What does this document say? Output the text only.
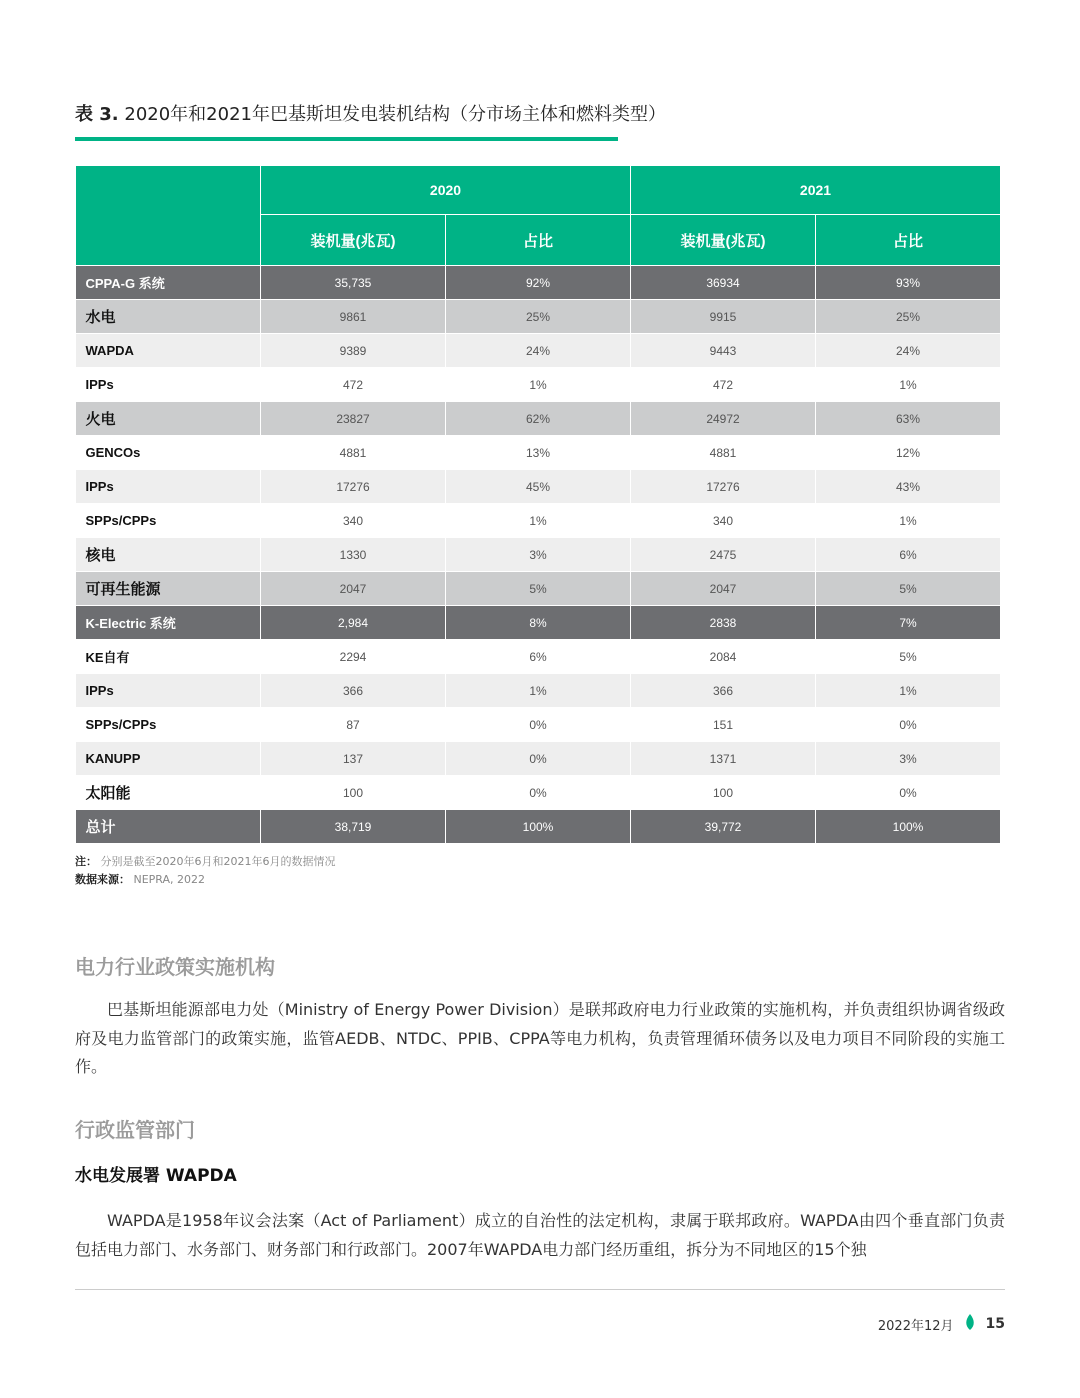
表 3. 2020年和2021年巴基斯坦发电装机结构（分市场主体和燃料类型）
	2020		2021	
	装机量(兆瓦)	占比	装机量(兆瓦)	占比
CPPA-G 系统	35,735	92%	36934	93%
水电	9861	25%	9915	25%
WAPDA	9389	24%	9443	24%
IPPs	472	1%	472	1%
火电	23827	62%	24972	63%
GENCOs	4881	13%	4881	12%
IPPs	17276	45%	17276	43%
SPPs/CPPs	340	1%	340	1%
核电	1330	3%	2475	6%
可再生能源	2047	5%	2047	5%
K-Electric 系统	2,984	8%	2838	7%
KE自有	2294	6%	2084	5%
IPPs	366	1%	366	1%
SPPs/CPPs	87	0%	151	0%
KANUPP	137	0%	1371	3%
太阳能	100	0%	100	0%
总计	38,719	100%	39,772	100%
注： 分别是截至2020年6月和2021年6月的数据情况
数据来源： NEPRA, 2022
电力行业政策实施机构

巴基斯坦能源部电力处（Ministry of Energy Power Division）是联邦政府电力行业政策的实施机构，并负责组织协调省级政府及电力监管部门的政策实施，监管AEDB、NTDC、PPIB、CPPA等电力机构，负责管理循环债务以及电力项目不同阶段的实施工作。

行政监管部门
水电发展署 WAPDA

WAPDA是1958年议会法案（Act of Parliament）成立的自治性的法定机构，隶属于联邦政府。WAPDA由四个垂直部门负责包括电力部门、水务部门、财务部门和行政部门。2007年WAPDA电力部门经历重组，拆分为不同地区的15个独

2022年12月 15
